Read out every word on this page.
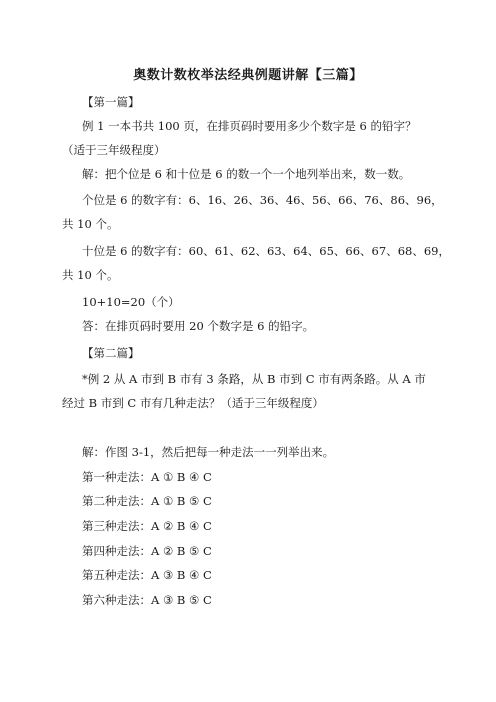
奥数计数枚举法经典例题讲解【三篇】
【第一篇】
例 1 一本书共 100 页，在排页码时要用多少个数字是 6 的铅字？
（适于三年级程度）
解：把个位是 6 和十位是 6 的数一个一个地列举出来，数一数。
个位是 6 的数字有：6、16、26、36、46、56、66、76、86、96，
共 10 个。
十位是 6 的数字有：60、61、62、63、64、65、66、67、68、69，
共 10 个。
10+10=20（个）
答：在排页码时要用 20 个数字是 6 的铅字。
【第二篇】
*例 2 从 A 市到 B 市有 3 条路，从 B 市到 C 市有两条路。从 A 市
经过 B 市到 C 市有几种走法？（适于三年级程度）
解：作图 3-1，然后把每一种走法一一列举出来。
第一种走法：A ① B ④ C
第二种走法：A ① B ⑤ C
第三种走法：A ② B ④ C
第四种走法：A ② B ⑤ C
第五种走法：A ③ B ④ C
第六种走法：A ③ B ⑤ C
